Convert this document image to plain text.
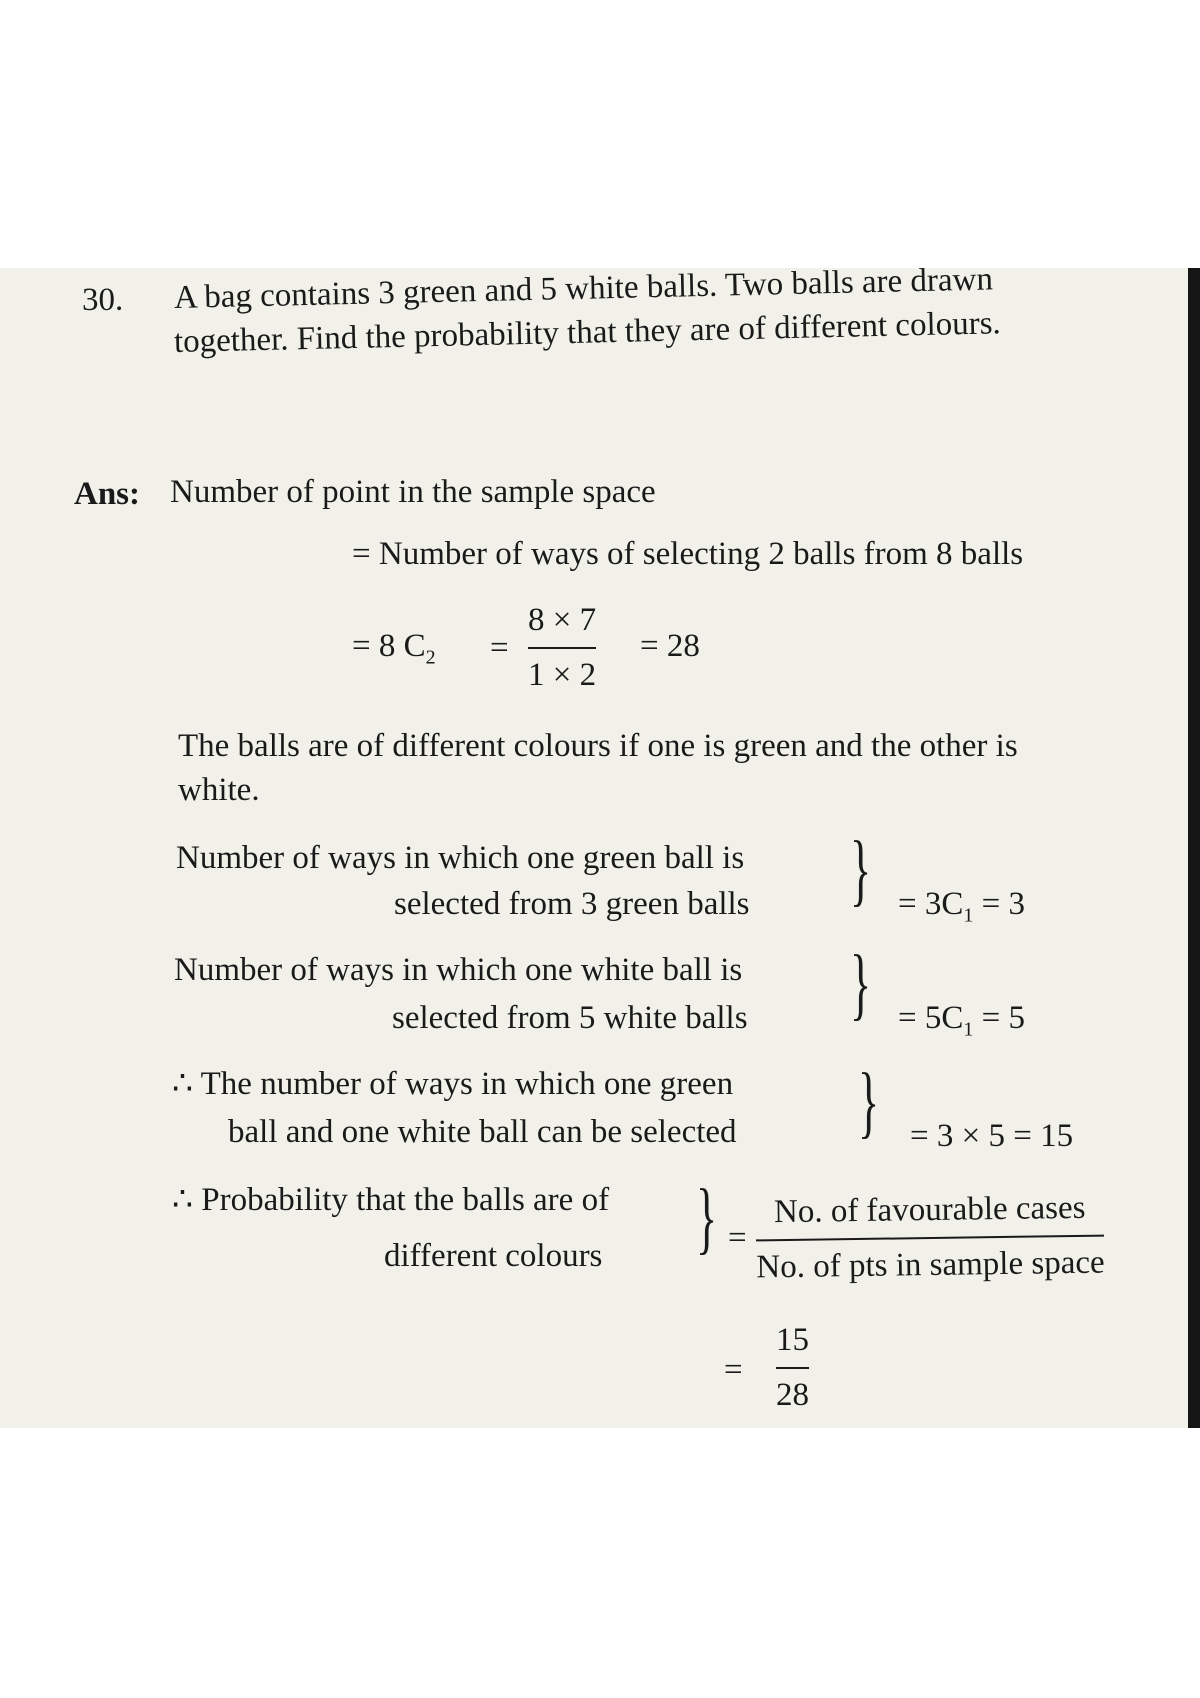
30. A bag contains 3 green and 5 white balls. Two balls are drawn
together. Find the probability that they are of different colours.
Ans: Number of point in the sample space
= Number of ways of selecting 2 balls from 8 balls
= 8 $C_2$ =
8 × 7
1 × 2
= 28
The balls are of different colours if one is green and the other is
white.
Number of ways in which one green ball is
selected from 3 green balls } = $3C_1 = 3$
Number of ways in which one white ball is
selected from 5 white balls } = $5C_1 = 5$
∴ The number of ways in which one green
ball and one white ball can be selected } = 3 × 5 = 15
∴ Probability that the balls are of
different colours } =
No. of favourable cases
No. of pts in sample space
=
15
28
